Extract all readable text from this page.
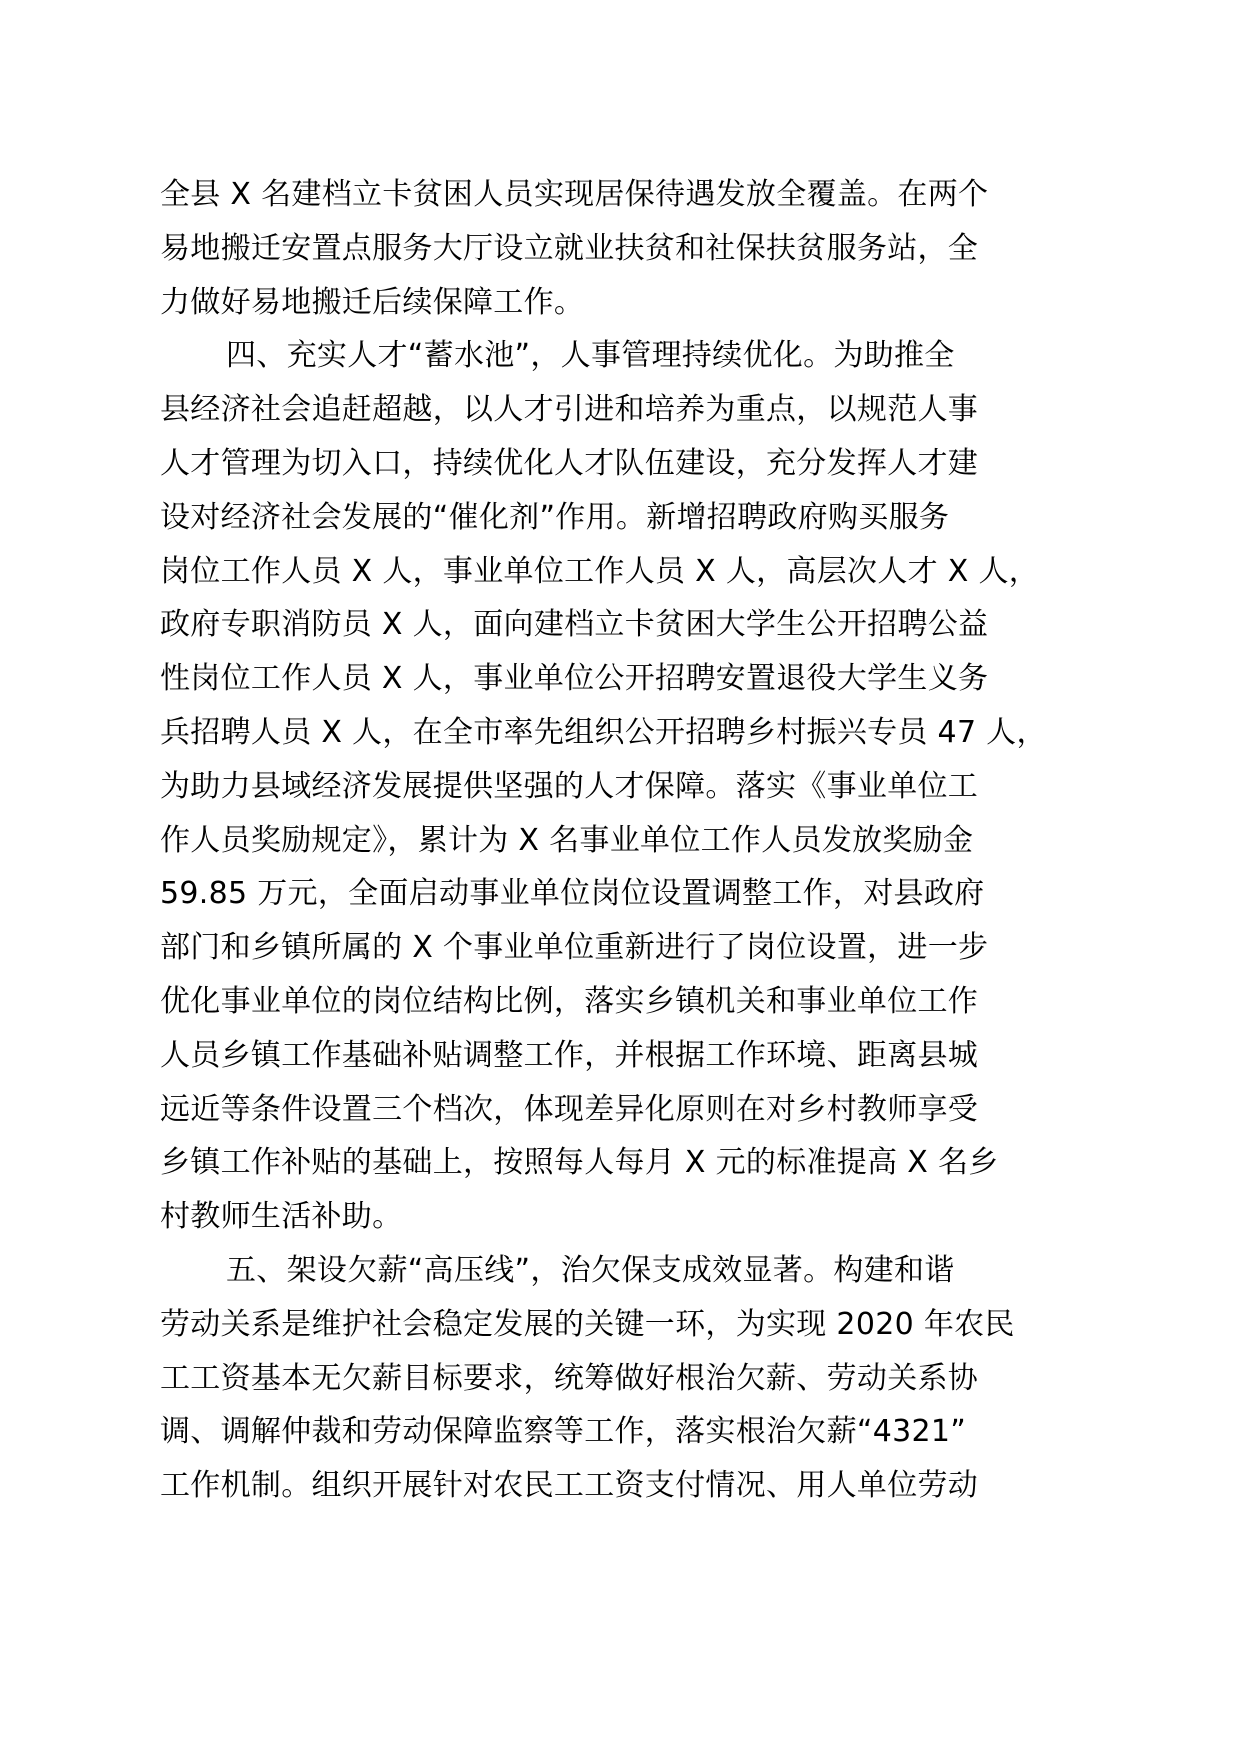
全县 X 名建档立卡贫困人员实现居保待遇发放全覆盖。在两个
易地搬迁安置点服务大厅设立就业扶贫和社保扶贫服务站，全
力做好易地搬迁后续保障工作。
四、充实人才“蓄水池”，人事管理持续优化。为助推全
县经济社会追赶超越，以人才引进和培养为重点，以规范人事
人才管理为切入口，持续优化人才队伍建设，充分发挥人才建
设对经济社会发展的“催化剂”作用。新增招聘政府购买服务
岗位工作人员 X 人，事业单位工作人员 X 人，高层次人才 X 人，
政府专职消防员 X 人，面向建档立卡贫困大学生公开招聘公益
性岗位工作人员 X 人，事业单位公开招聘安置退役大学生义务
兵招聘人员 X 人，在全市率先组织公开招聘乡村振兴专员 47 人，
为助力县域经济发展提供坚强的人才保障。落实《事业单位工
作人员奖励规定》，累计为 X 名事业单位工作人员发放奖励金
59.85 万元，全面启动事业单位岗位设置调整工作，对县政府
部门和乡镇所属的 X 个事业单位重新进行了岗位设置，进一步
优化事业单位的岗位结构比例，落实乡镇机关和事业单位工作
人员乡镇工作基础补贴调整工作，并根据工作环境、距离县城
远近等条件设置三个档次，体现差异化原则在对乡村教师享受
乡镇工作补贴的基础上，按照每人每月 X 元的标准提高 X 名乡
村教师生活补助。
五、架设欠薪“高压线”，治欠保支成效显著。构建和谐
劳动关系是维护社会稳定发展的关键一环，为实现 2020 年农民
工工资基本无欠薪目标要求，统筹做好根治欠薪、劳动关系协
调、调解仲裁和劳动保障监察等工作，落实根治欠薪“4321”
工作机制。组织开展针对农民工工资支付情况、用人单位劳动
